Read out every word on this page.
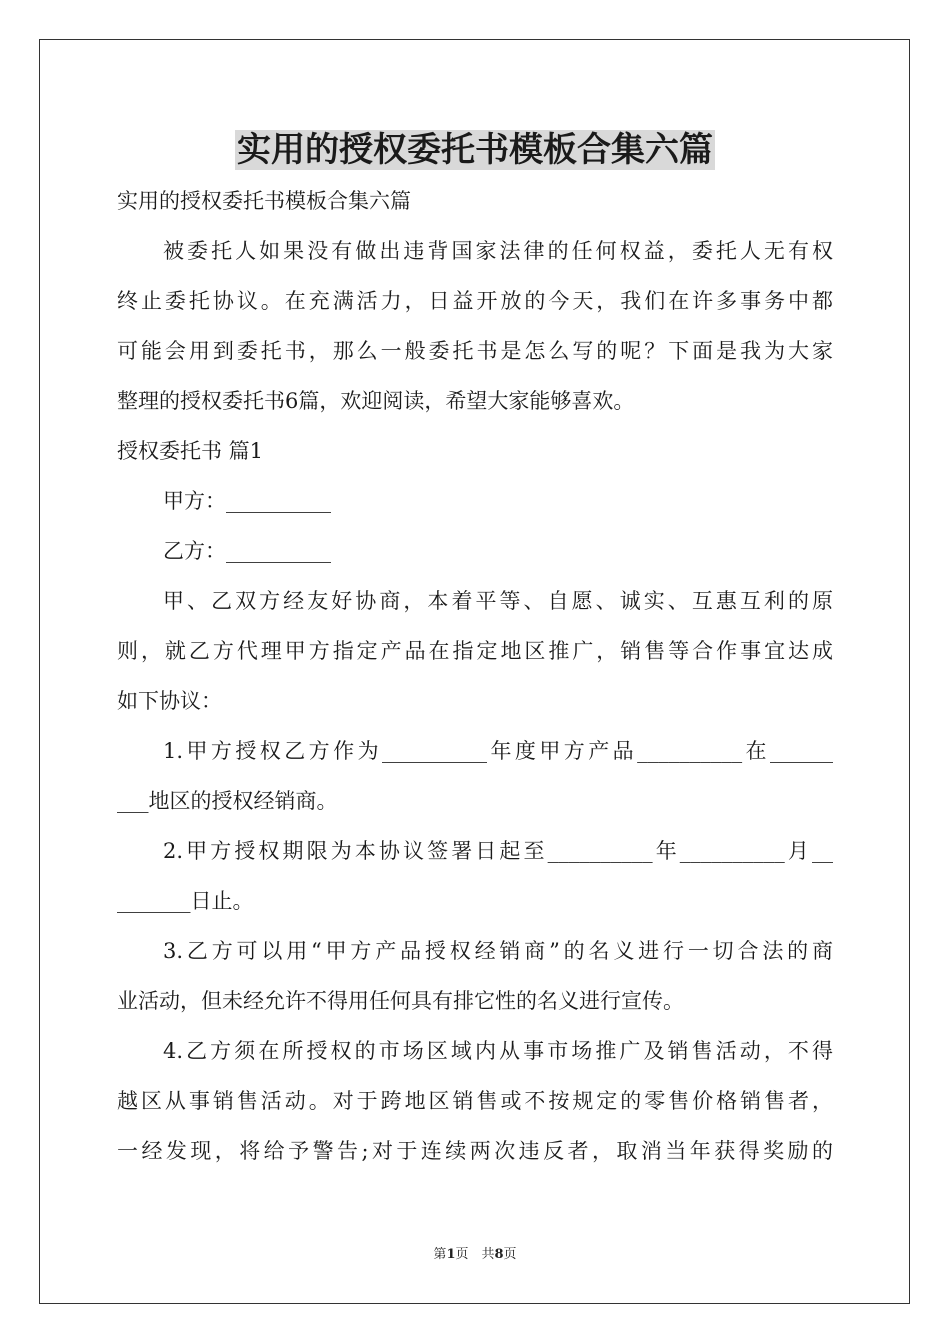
实用的授权委托书模板合集六篇
实用的授权委托书模板合集六篇
被委托人如果没有做出违背国家法律的任何权益，委托人无有权
终止委托协议。在充满活力，日益开放的今天，我们在许多事务中都
可能会用到委托书，那么一般委托书是怎么写的呢？下面是我为大家
整理的授权委托书6篇，欢迎阅读，希望大家能够喜欢。
授权委托书 篇1
甲方：__________
乙方：__________
甲、乙双方经友好协商，本着平等、自愿、诚实、互惠互利的原
则，就乙方代理甲方指定产品在指定地区推广，销售等合作事宜达成
如下协议：
1.甲方授权乙方作为__________年度甲方产品__________在______
___地区的授权经销商。
2.甲方授权期限为本协议签署日起至__________年__________月__
_______日止。
3.乙方可以用“甲方产品授权经销商”的名义进行一切合法的商
业活动，但未经允许不得用任何具有排它性的名义进行宣传。
4.乙方须在所授权的市场区域内从事市场推广及销售活动，不得
越区从事销售活动。对于跨地区销售或不按规定的零售价格销售者，
一经发现，将给予警告;对于连续两次违反者，取消当年获得奖励的
第1页　共8页
